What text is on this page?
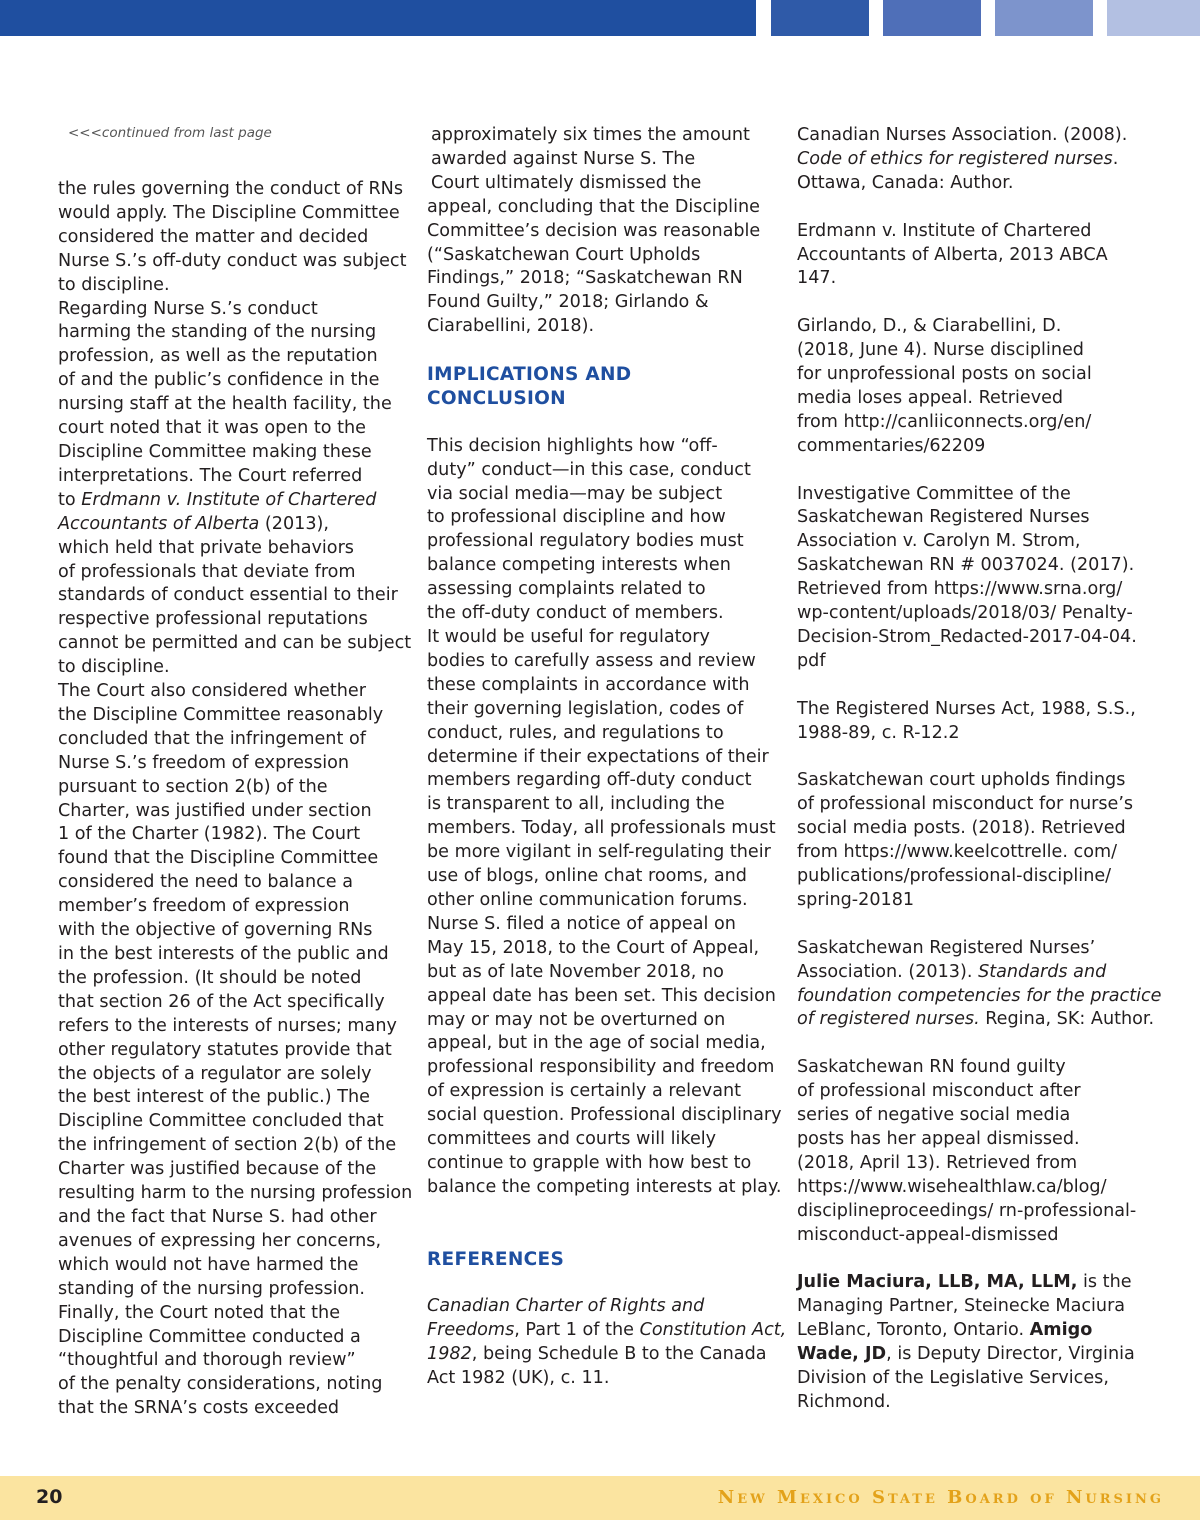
<<<continued from last page

the rules governing the conduct of RNs

would apply. The Discipline Committee

considered the matter and decided

Nurse S.’s off-duty conduct was subject

to discipline.

Regarding Nurse S.’s conduct

harming the standing of the nursing

profession, as well as the reputation

of and the public’s confidence in the

nursing staff at the health facility, the

court noted that it was open to the

Discipline Committee making these

interpretations. The Court referred

to Erdmann v. Institute of Chartered

Accountants of Alberta (2013),

which held that private behaviors

of professionals that deviate from

standards of conduct essential to their

respective professional reputations

cannot be permitted and can be subject

to discipline.

The Court also considered whether

the Discipline Committee reasonably

concluded that the infringement of

Nurse S.’s freedom of expression

pursuant to section 2(b) of the

Charter, was justified under section

1 of the Charter (1982). The Court

found that the Discipline Committee

considered the need to balance a

member’s freedom of expression

with the objective of governing RNs

in the best interests of the public and

the profession. (It should be noted

that section 26 of the Act specifically

refers to the interests of nurses; many

other regulatory statutes provide that

the objects of a regulator are solely

the best interest of the public.) The

Discipline Committee concluded that

the infringement of section 2(b) of the

Charter was justified because of the

resulting harm to the nursing profession

and the fact that Nurse S. had other

avenues of expressing her concerns,

which would not have harmed the

standing of the nursing profession.

Finally, the Court noted that the

Discipline Committee conducted a

“thoughtful and thorough review”

of the penalty considerations, noting

that the SRNA’s costs exceeded

approximately six times the amount

awarded against Nurse S. The

Court ultimately dismissed the

appeal, concluding that the Discipline

Committee’s decision was reasonable

(“Saskatchewan Court Upholds

Findings,” 2018; “Saskatchewan RN

Found Guilty,” 2018; Girlando &

Ciarabellini, 2018).

IMPLICATIONS AND

CONCLUSION

This decision highlights how “off-

duty” conduct—in this case, conduct

via social media—may be subject

to professional discipline and how

professional regulatory bodies must

balance competing interests when

assessing complaints related to

the off-duty conduct of members.

It would be useful for regulatory

bodies to carefully assess and review

these complaints in accordance with

their governing legislation, codes of

conduct, rules, and regulations to

determine if their expectations of their

members regarding off-duty conduct

is transparent to all, including the

members. Today, all professionals must

be more vigilant in self-regulating their

use of blogs, online chat rooms, and

other online communication forums.

Nurse S. filed a notice of appeal on

May 15, 2018, to the Court of Appeal,

but as of late November 2018, no

appeal date has been set. This decision

may or may not be overturned on

appeal, but in the age of social media,

professional responsibility and freedom

of expression is certainly a relevant

social question. Professional disciplinary

committees and courts will likely

continue to grapple with how best to

balance the competing interests at play.

REFERENCES

Canadian Charter of Rights and

Freedoms, Part 1 of the Constitution Act,

1982, being Schedule B to the Canada

Act 1982 (UK), c. 11.

Canadian Nurses Association. (2008).

Code of ethics for registered nurses.

Ottawa, Canada: Author.

Erdmann v. Institute of Chartered

Accountants of Alberta, 2013 ABCA

147.

Girlando, D., & Ciarabellini, D.

(2018, June 4). Nurse disciplined

for unprofessional posts on social

media loses appeal. Retrieved

from http://canliiconnects.org/en/

commentaries/62209

Investigative Committee of the

Saskatchewan Registered Nurses

Association v. Carolyn M. Strom,

Saskatchewan RN # 0037024. (2017).

Retrieved from https://www.srna.org/

wp-content/uploads/2018/03/ Penalty-

Decision-Strom_Redacted-2017-04-04.

pdf

The Registered Nurses Act, 1988, S.S.,

1988-89, c. R-12.2

Saskatchewan court upholds findings

of professional misconduct for nurse’s

social media posts. (2018). Retrieved

from https://www.keelcottrelle. com/

publications/professional-discipline/

spring-20181

Saskatchewan Registered Nurses’

Association. (2013). Standards and

foundation competencies for the practice

of registered nurses. Regina, SK: Author.

Saskatchewan RN found guilty

of professional misconduct after

series of negative social media

posts has her appeal dismissed.

(2018, April 13). Retrieved from

https://www.wisehealthlaw.ca/blog/

disciplineproceedings/ rn-professional-

misconduct-appeal-dismissed

Julie Maciura, LLB, MA, LLM, is the

Managing Partner, Steinecke Maciura

LeBlanc, Toronto, Ontario. Amigo

Wade, JD, is Deputy Director, Virginia

Division of the Legislative Services,

Richmond.

20	New Mexico State Board of Nursing
